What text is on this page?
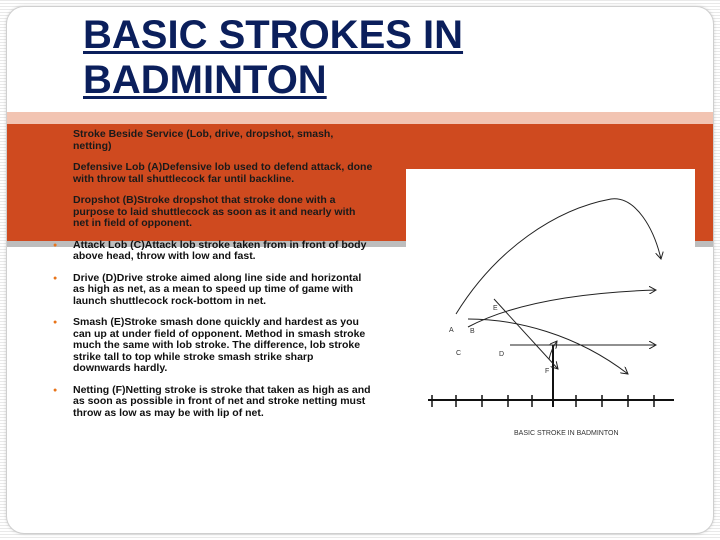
BASIC STROKES IN
BADMINTON

Stroke Beside Service (Lob, drive, dropshot, smash, netting)

Defensive Lob (A)Defensive lob used to defend attack, done with throw tall shuttlecock far until backline.

Dropshot (B)Stroke dropshot that stroke done with a purpose to laid shuttlecock as soon as it and nearly with net in field of opponent.

● Attack Lob (C)Attack lob stroke taken from in front of body above head, throw with low and fast.

● Drive (D)Drive stroke aimed along line side and horizontal as high as net, as a mean to speed up time of game with launch shuttlecock rock-bottom in net.

● Smash (E)Stroke smash done quickly and hardest as you can up at under field of opponent. Method in smash stroke much the same with lob stroke. The difference, lob stroke strike tall to top while stroke smash strike sharp downwards hardly.

● Netting (F)Netting stroke is stroke that taken as high as and as soon as possible in front of net and stroke netting must throw as low as may be with lip of net.

A B
C	D
E
F
BASIC STROKE IN BADMINTON
